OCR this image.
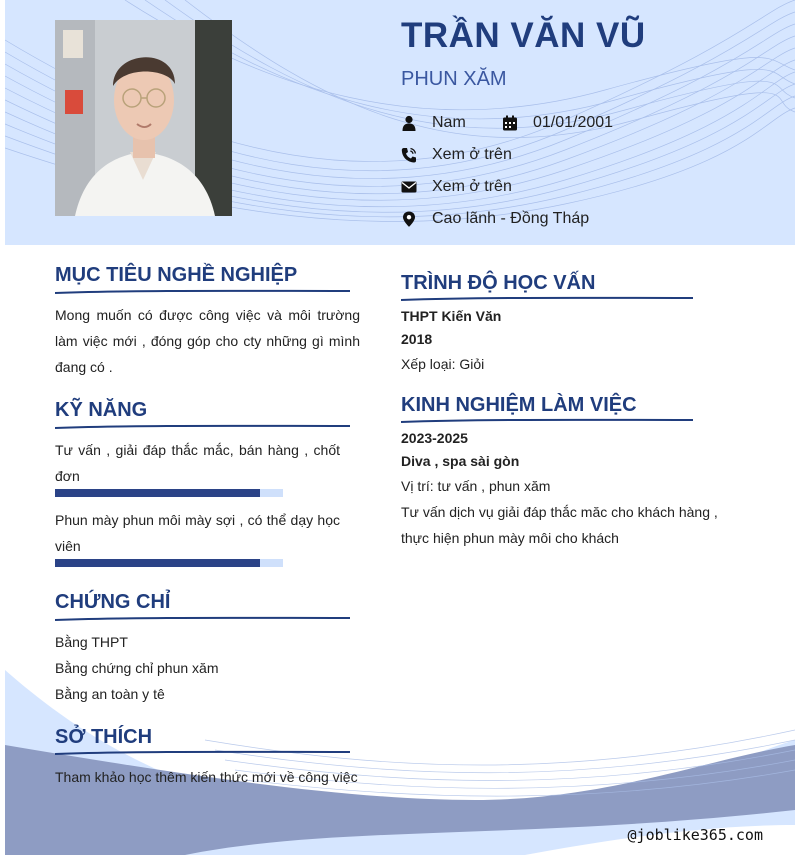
TRẦN VĂN VŨ
PHUN XĂM
Nam	01/01/2001
Xem ở trên
Xem ở trên
Cao lãnh - Đồng Tháp
MỤC TIÊU NGHỀ NGHIỆP

Mong muốn có được công việc và môi trường làm việc mới , đóng góp cho cty những gì mình đang có .

KỸ NĂNG

Tư vấn , giải đáp thắc mắc, bán hàng , chốt đơn

Phun mày phun môi mày sợi , có thể dạy học viên

CHỨNG CHỈ

Bằng THPT

Bằng chứng chỉ phun xăm

Bằng an toàn y tê

SỞ THÍCH

Tham khảo học thêm kiến thức mới về công việc

TRÌNH ĐỘ HỌC VẤN

THPT Kiến Văn

2018

Xếp loại: Giỏi

KINH NGHIỆM LÀM VIỆC

2023-2025

Diva , spa sài gòn

Vị trí: tư vấn , phun xăm

Tư vấn dịch vụ giải đáp thắc măc cho khách hàng , thực hiện phun mày môi cho khách

@joblike365.com
